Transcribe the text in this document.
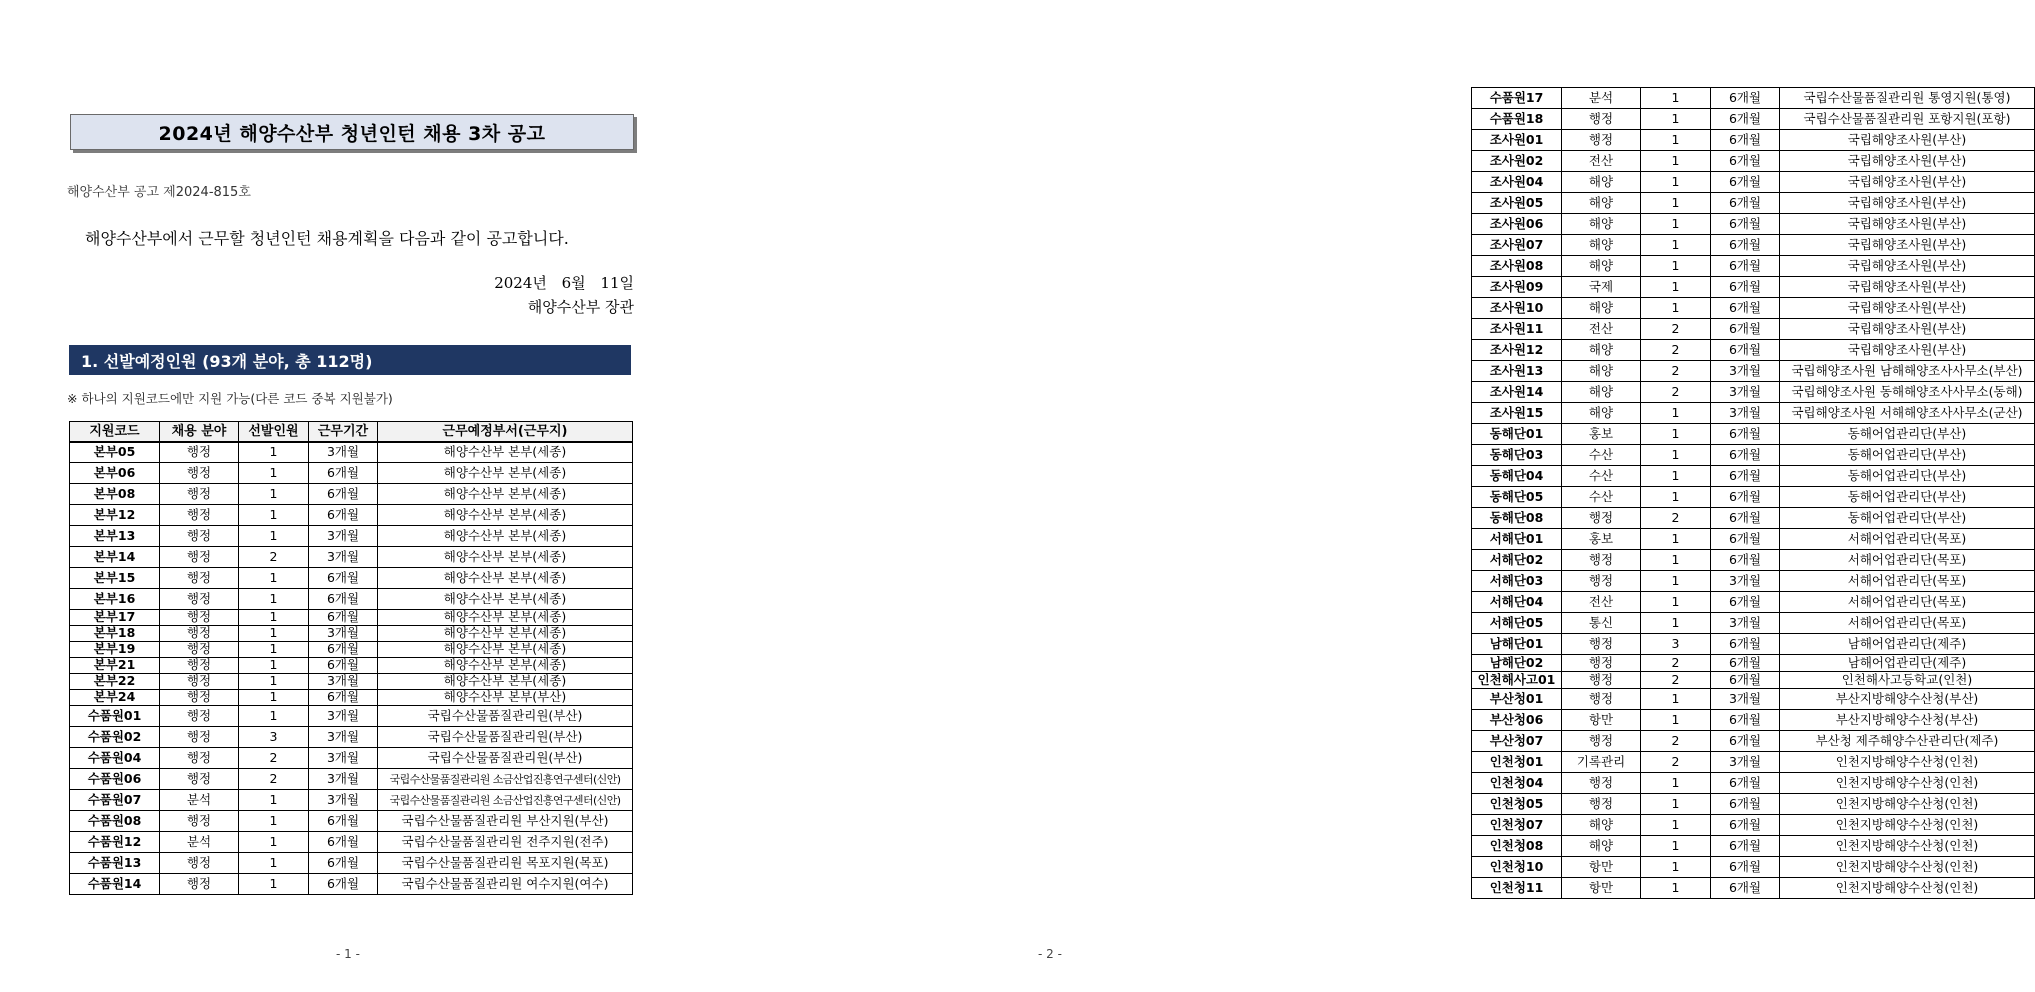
2024년 해양수산부 청년인턴 채용 3차 공고
해양수산부 공고 제2024-815호
해양수산부에서 근무할 청년인턴 채용계획을 다음과 같이 공고합니다.
2024년 6월 11일
해양수산부 장관
1. 선발예정인원 (93개 분야, 총 112명)
※ 하나의 지원코드에만 지원 가능(다른 코드 중복 지원불가)
지원코드	채용 분야	선발인원	근무기간	근무예정부서(근무지)
본부05	행정	1	3개월	해양수산부 본부(세종)
본부06	행정	1	6개월	해양수산부 본부(세종)
본부08	행정	1	6개월	해양수산부 본부(세종)
본부12	행정	1	6개월	해양수산부 본부(세종)
본부13	행정	1	3개월	해양수산부 본부(세종)
본부14	행정	2	3개월	해양수산부 본부(세종)
본부15	행정	1	6개월	해양수산부 본부(세종)
본부16	행정	1	6개월	해양수산부 본부(세종)
본부17	행정	1	6개월	해양수산부 본부(세종)
본부18	행정	1	3개월	해양수산부 본부(세종)
본부19	행정	1	6개월	해양수산부 본부(세종)
본부21	행정	1	6개월	해양수산부 본부(세종)
본부22	행정	1	3개월	해양수산부 본부(세종)
본부24	행정	1	6개월	해양수산부 본부(부산)
수품원01	행정	1	3개월	국립수산물품질관리원(부산)
수품원02	행정	3	3개월	국립수산물품질관리원(부산)
수품원04	행정	2	3개월	국립수산물품질관리원(부산)
수품원06	행정	2	3개월	국립수산물품질관리원 소금산업진흥연구센터(신안)
수품원07	분석	1	3개월	국립수산물품질관리원 소금산업진흥연구센터(신안)
수품원08	행정	1	6개월	국립수산물품질관리원 부산지원(부산)
수품원12	분석	1	6개월	국립수산물품질관리원 전주지원(전주)
수품원13	행정	1	6개월	국립수산물품질관리원 목포지원(목포)
수품원14	행정	1	6개월	국립수산물품질관리원 여수지원(여수)
- 1 -
수품원17	분석	1	6개월	국립수산물품질관리원 통영지원(통영)
수품원18	행정	1	6개월	국립수산물품질관리원 포항지원(포항)
조사원01	행정	1	6개월	국립해양조사원(부산)
조사원02	전산	1	6개월	국립해양조사원(부산)
조사원04	해양	1	6개월	국립해양조사원(부산)
조사원05	해양	1	6개월	국립해양조사원(부산)
조사원06	해양	1	6개월	국립해양조사원(부산)
조사원07	해양	1	6개월	국립해양조사원(부산)
조사원08	해양	1	6개월	국립해양조사원(부산)
조사원09	국제	1	6개월	국립해양조사원(부산)
조사원10	해양	1	6개월	국립해양조사원(부산)
조사원11	전산	2	6개월	국립해양조사원(부산)
조사원12	해양	2	6개월	국립해양조사원(부산)
조사원13	해양	2	3개월	국립해양조사원 남해해양조사사무소(부산)
조사원14	해양	2	3개월	국립해양조사원 동해해양조사사무소(동해)
조사원15	해양	1	3개월	국립해양조사원 서해해양조사사무소(군산)
동해단01	홍보	1	6개월	동해어업관리단(부산)
동해단03	수산	1	6개월	동해어업관리단(부산)
동해단04	수산	1	6개월	동해어업관리단(부산)
동해단05	수산	1	6개월	동해어업관리단(부산)
동해단08	행정	2	6개월	동해어업관리단(부산)
서해단01	홍보	1	6개월	서해어업관리단(목포)
서해단02	행정	1	6개월	서해어업관리단(목포)
서해단03	행정	1	3개월	서해어업관리단(목포)
서해단04	전산	1	6개월	서해어업관리단(목포)
서해단05	통신	1	3개월	서해어업관리단(목포)
남해단01	행정	3	6개월	남해어업관리단(제주)
남해단02	행정	2	6개월	남해어업관리단(제주)
인천해사고01	행정	2	6개월	인천해사고등학교(인천)
부산청01	행정	1	3개월	부산지방해양수산청(부산)
부산청06	항만	1	6개월	부산지방해양수산청(부산)
부산청07	행정	2	6개월	부산청 제주해양수산관리단(제주)
인천청01	기록관리	2	3개월	인천지방해양수산청(인천)
인천청04	행정	1	6개월	인천지방해양수산청(인천)
인천청05	행정	1	6개월	인천지방해양수산청(인천)
인천청07	해양	1	6개월	인천지방해양수산청(인천)
인천청08	해양	1	6개월	인천지방해양수산청(인천)
인천청10	항만	1	6개월	인천지방해양수산청(인천)
인천청11	항만	1	6개월	인천지방해양수산청(인천)
- 2 -
